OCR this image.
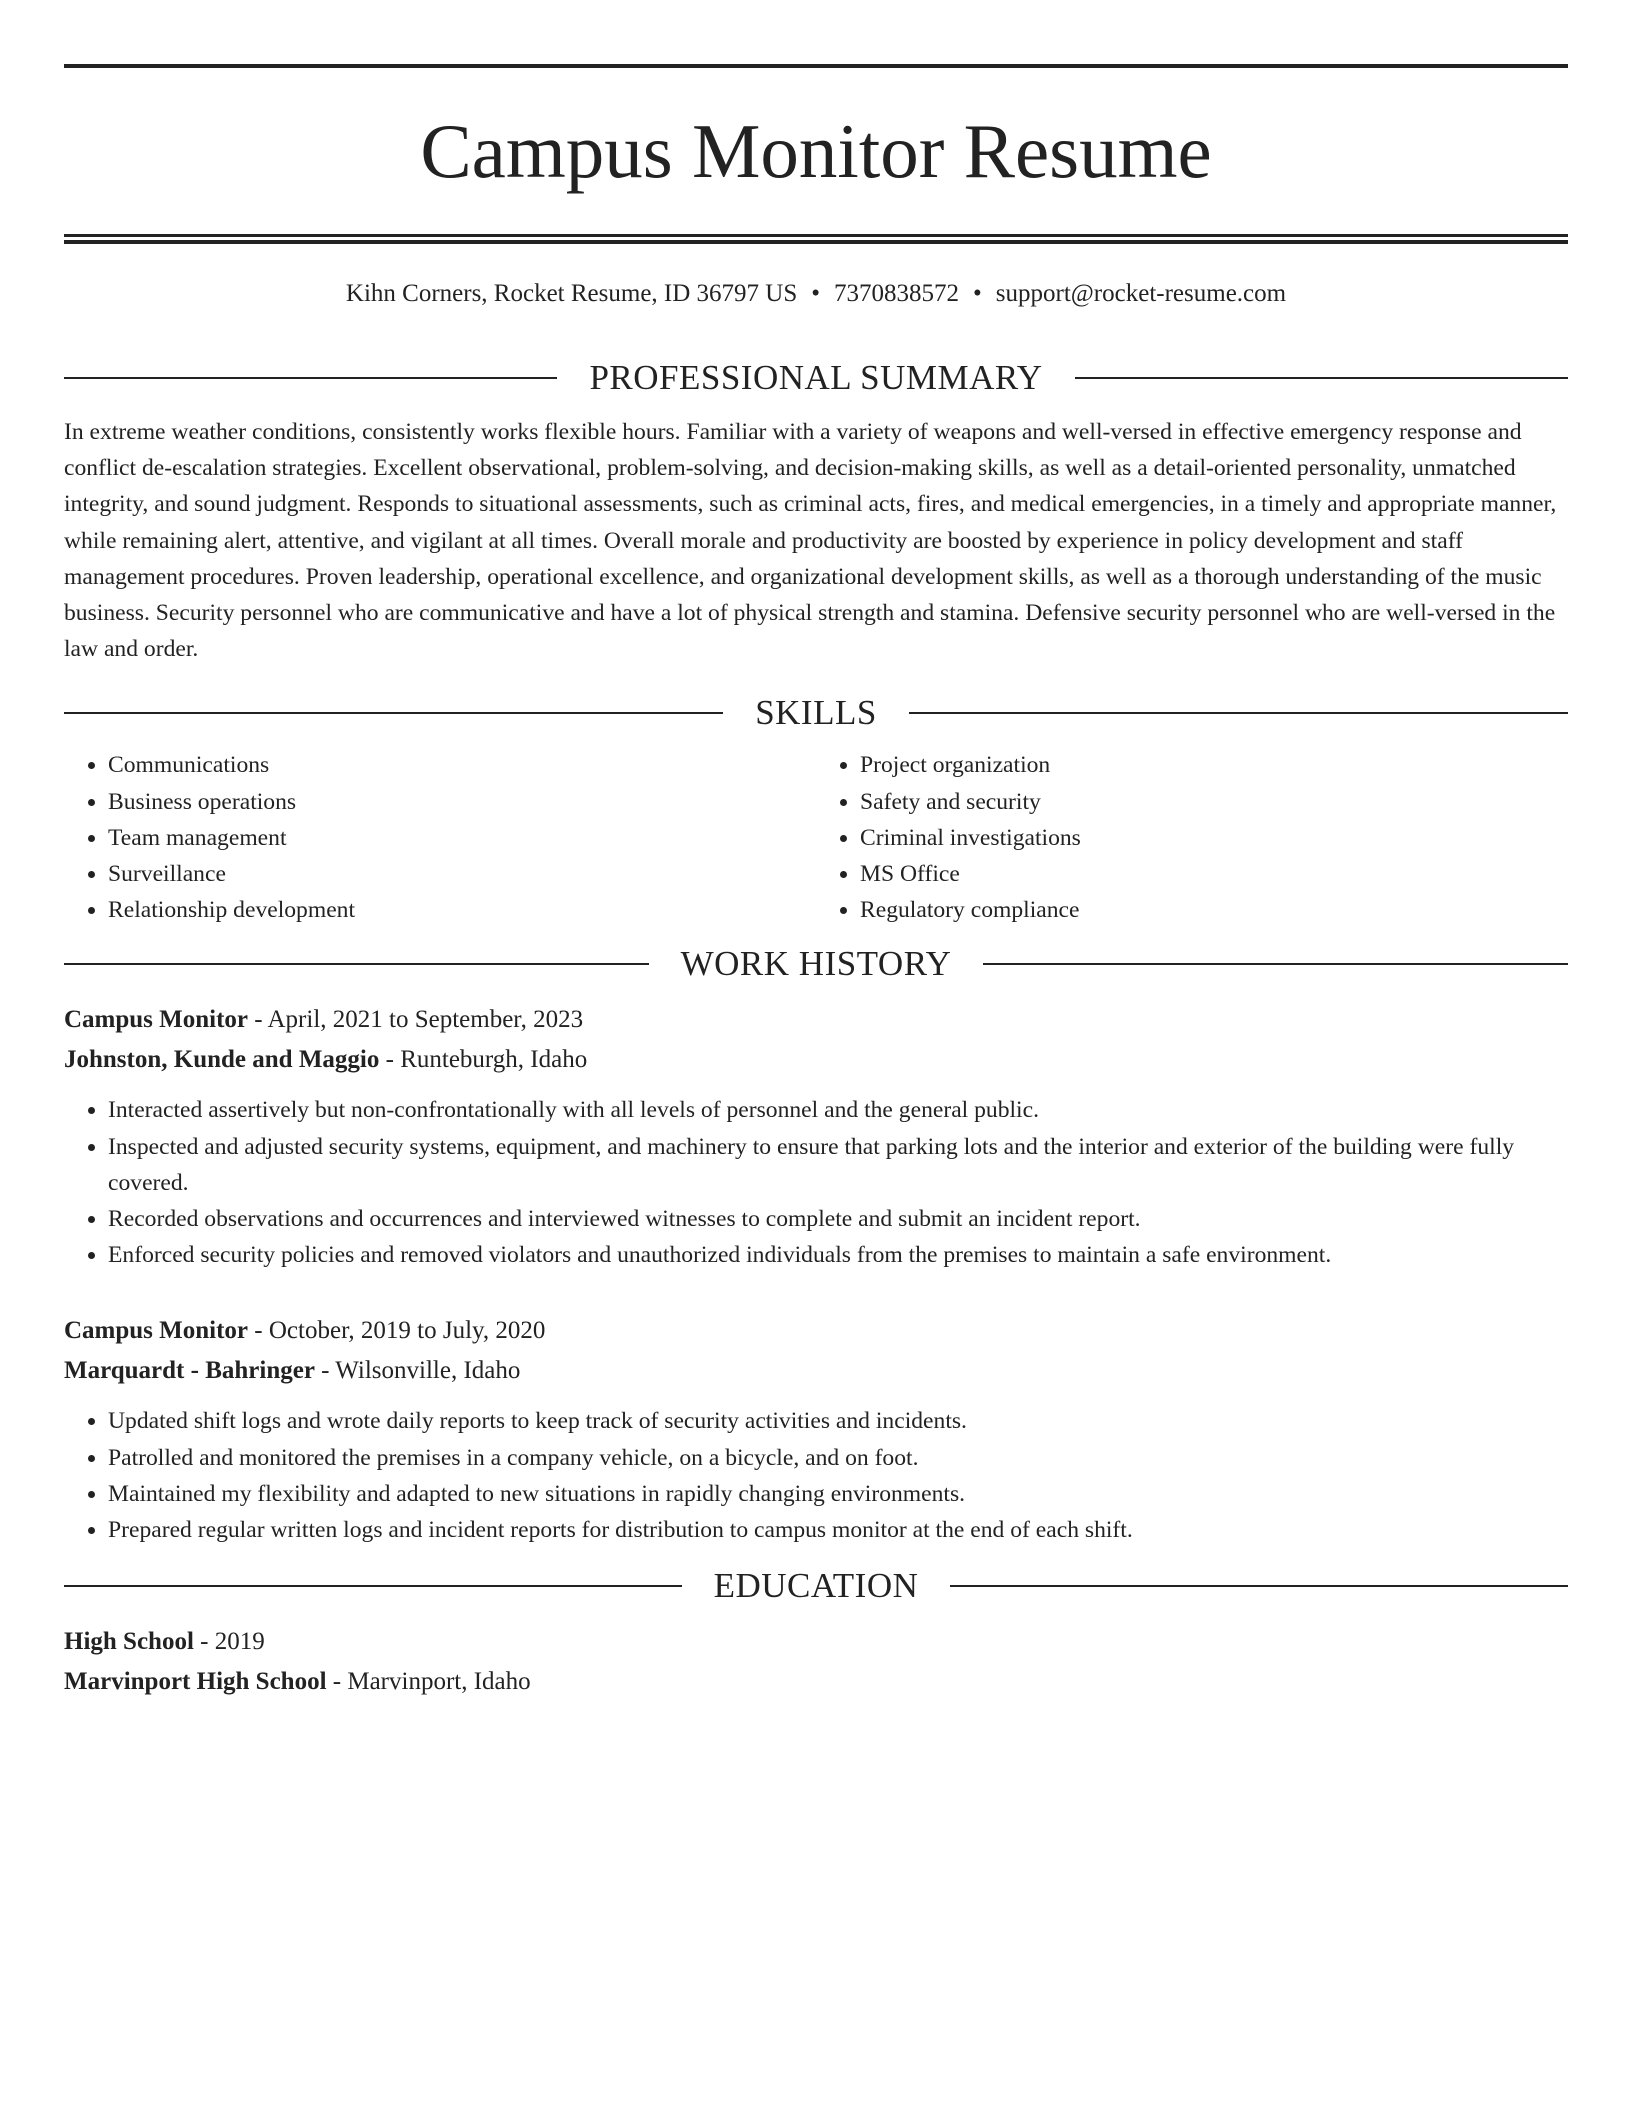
Campus Monitor Resume
Kihn Corners, Rocket Resume, ID 36797 US • 7370838572 • support@rocket-resume.com
PROFESSIONAL SUMMARY

In extreme weather conditions, consistently works flexible hours. Familiar with a variety of weapons and well-versed in effective emergency response and conflict de-escalation strategies. Excellent observational, problem-solving, and decision-making skills, as well as a detail-oriented personality, unmatched integrity, and sound judgment. Responds to situational assessments, such as criminal acts, fires, and medical emergencies, in a timely and appropriate manner, while remaining alert, attentive, and vigilant at all times. Overall morale and productivity are boosted by experience in policy development and staff management procedures. Proven leadership, operational excellence, and organizational development skills, as well as a thorough understanding of the music business. Security personnel who are communicative and have a lot of physical strength and stamina. Defensive security personnel who are well-versed in the law and order.

SKILLS
• Communications
• Business operations
• Team management
• Surveillance
• Relationship development
• Project organization
• Safety and security
• Criminal investigations
• MS Office
• Regulatory compliance
WORK HISTORY
Campus Monitor - April, 2021 to September, 2023
Johnston, Kunde and Maggio - Runteburgh, Idaho
• Interacted assertively but non-confrontationally with all levels of personnel and the general public.
• Inspected and adjusted security systems, equipment, and machinery to ensure that parking lots and the interior and exterior of the building were fully covered.
• Recorded observations and occurrences and interviewed witnesses to complete and submit an incident report.
• Enforced security policies and removed violators and unauthorized individuals from the premises to maintain a safe environment.
Campus Monitor - October, 2019 to July, 2020
Marquardt - Bahringer - Wilsonville, Idaho
• Updated shift logs and wrote daily reports to keep track of security activities and incidents.
• Patrolled and monitored the premises in a company vehicle, on a bicycle, and on foot.
• Maintained my flexibility and adapted to new situations in rapidly changing environments.
• Prepared regular written logs and incident reports for distribution to campus monitor at the end of each shift.
EDUCATION
High School - 2019
Marvinport High School - Marvinport, Idaho
